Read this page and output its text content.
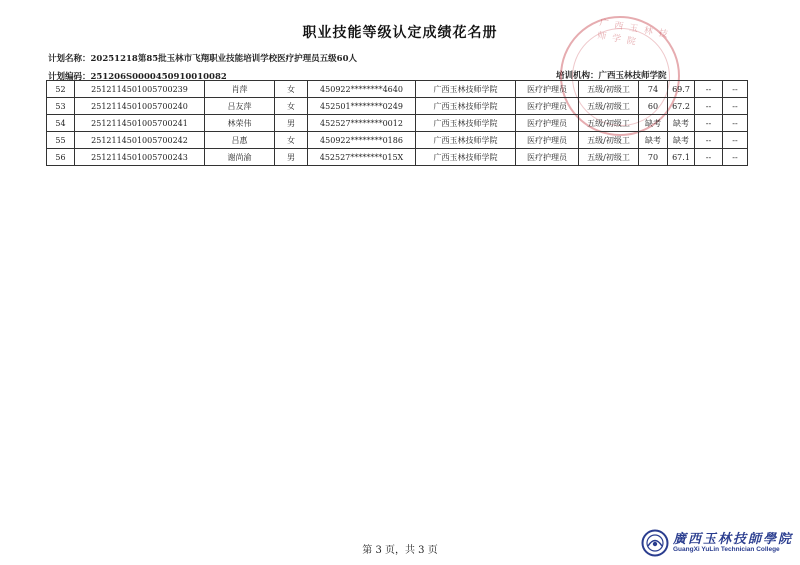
职业技能等级认定成绩花名册
计划名称：20251218第85批玉林市飞翔职业技能培训学校医疗护理员五级60人
计划编码：251206S0000450910010082	培训机构：广西玉林技师学院
广西玉林技师学院
52	2512114501005700239	肖萍	女	450922********4640	广西玉林技师学院	医疗护理员	五级/初级工	74	69.7	--	--
53	2512114501005700240	吕友萍	女	452501********0249	广西玉林技师学院	医疗护理员	五级/初级工	60	67.2	--	--
54	2512114501005700241	林荣伟	男	452527********0012	广西玉林技师学院	医疗护理员	五级/初级工	缺考	缺考	--	--
55	2512114501005700242	吕惠	女	450922********0186	广西玉林技师学院	医疗护理员	五级/初级工	缺考	缺考	--	--
56	2512114501005700243	谢尚渝	男	452527********015X	广西玉林技师学院	医疗护理员	五级/初级工	70	67.1	--	--
第 3 页，共 3 页
廣西玉林技師學院
GuangXi YuLin Technician College
